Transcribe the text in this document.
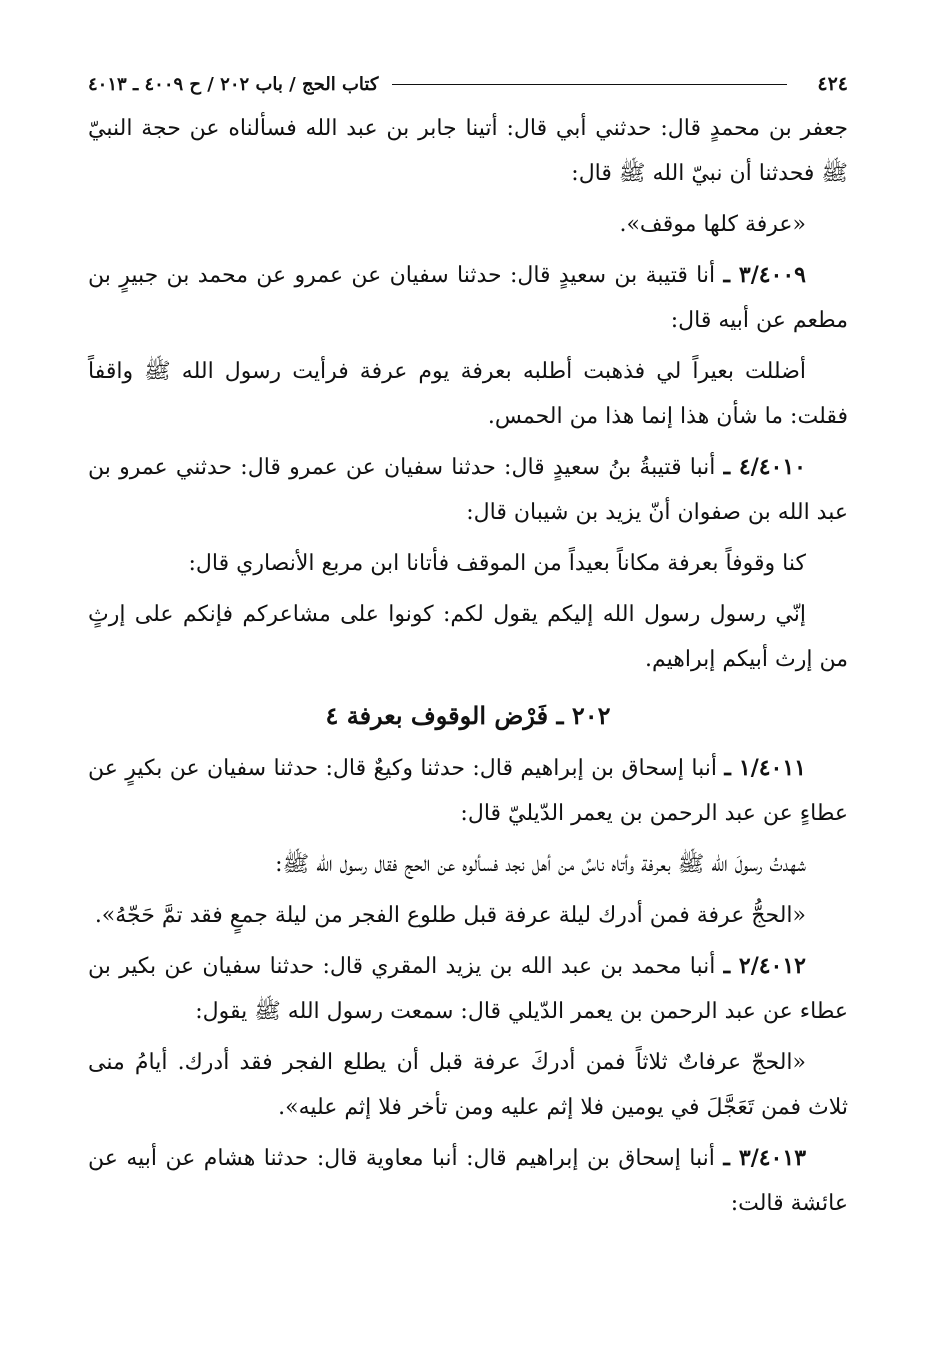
٤٢٤
كتاب الحج / باب ٢٠٢ / ح ٤٠٠٩ ـ ٤٠١٣

جعفر بن محمدٍ قال: حدثني أبي قال: أتينا جابر بن عبد الله فسألناه عن حجة النبيّ ﷺ فحدثنا أن نبيّ الله ﷺ قال:

«عرفة كلها موقف».

٣/٤٠٠٩ ـ أنا قتيبة بن سعيدٍ قال: حدثنا سفيان عن عمرو عن محمد بن جبيرٍ بن مطعم عن أبيه قال:

أضللت بعيراً لي فذهبت أطلبه بعرفة يوم عرفة فرأيت رسول الله ﷺ واقفاً فقلت: ما شأن هذا إنما هذا من الحمس.

٤/٤٠١٠ ـ أنبا قتيبةُ بنُ سعيدٍ قال: حدثنا سفيان عن عمرو قال: حدثني عمرو بن عبد الله بن صفوان أنّ يزيد بن شيبان قال:

كنا وقوفاً بعرفة مكاناً بعيداً من الموقف فأتانا ابن مربع الأنصاري قال:

إنّي رسول رسول الله إليكم يقول لكم: كونوا على مشاعركم فإنكم على إرثٍ من إرث أبيكم إبراهيم.

٢٠٢ ـ فَرْض الوقوف بعرفة ٤

١/٤٠١١ ـ أنبا إسحاق بن إبراهيم قال: حدثنا وكيعٌ قال: حدثنا سفيان عن بكيرٍ عن عطاءٍ عن عبد الرحمن بن يعمر الدّيليّ قال:

شهدتُ رسولَ الله ﷺ بعرفة وأتاه ناسٌ من أهل نجد فسألوه عن الحج فقال رسول الله ﷺ:

«الحجُّ عرفة فمن أدرك ليلة عرفة قبل طلوع الفجر من ليلة جمعٍ فقد تمَّ حَجّهُ».

٢/٤٠١٢ ـ أنبا محمد بن عبد الله بن يزيد المقري قال: حدثنا سفيان عن بكير بن عطاء عن عبد الرحمن بن يعمر الدّيلي قال: سمعت رسول الله ﷺ يقول:

«الحجّ عرفاتٌ ثلاثاً فمن أدركَ عرفة قبل أن يطلع الفجر فقد أدرك. أيامُ منى ثلاث فمن تَعَجَّلَ في يومين فلا إثم عليه ومن تأخر فلا إثم عليه».

٣/٤٠١٣ ـ أنبا إسحاق بن إبراهيم قال: أنبا معاوية قال: حدثنا هشام عن أبيه عن عائشة قالت:
